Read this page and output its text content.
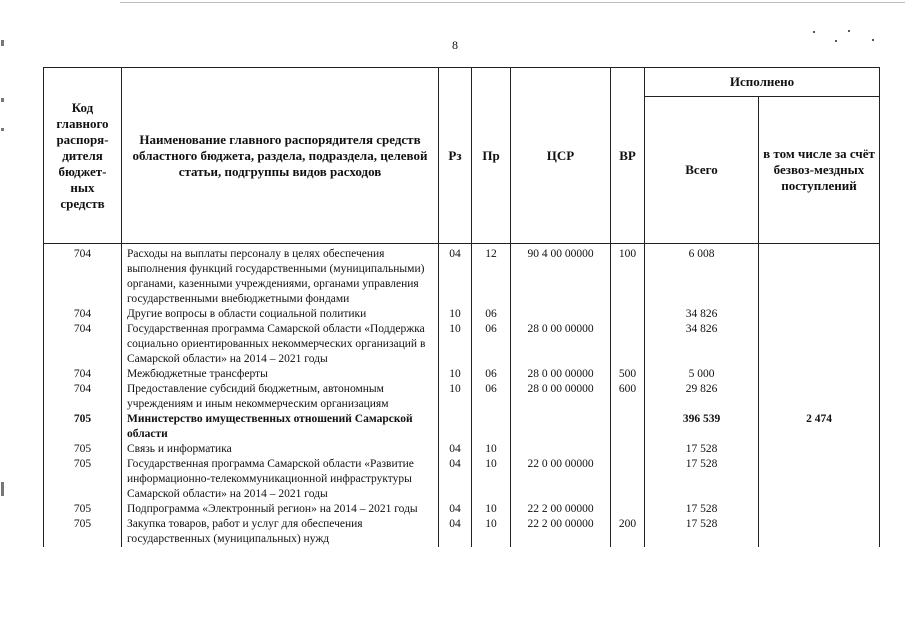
8
Код главного распоря-дителя бюджет-ных средств	Наименование главного распорядителя средств областного бюджета, раздела, подраздела, целевой статьи, подгруппы видов расходов	Рз	Пр	ЦСР	ВР	Исполнено	
						Всего	в том числе за счёт безвоз-мездных поступлений
704	Расходы на выплаты персоналу в целях обеспечения выполнения функций государственными (муниципальными) органами, казенными учреждениями, органами управления государственными внебюджетными фондами	04	12	90 4 00 00000	100	6 008	
704	Другие вопросы в области социальной политики	10	06			34 826	
704	Государственная программа Самарской области «Поддержка социально ориентированных некоммерческих организаций в Самарской области» на 2014 – 2021 годы	10	06	28 0 00 00000		34 826	
704	Межбюджетные трансферты	10	06	28 0 00 00000	500	5 000	
704	Предоставление субсидий бюджетным, автономным учреждениям и иным некоммерческим организациям	10	06	28 0 00 00000	600	29 826	
705	Министерство имущественных отношений Самарской области					396 539	2 474
705	Связь и информатика	04	10			17 528	
705	Государственная программа Самарской области «Развитие информационно-телекоммуникационной инфраструктуры Самарской области» на 2014 – 2021 годы	04	10	22 0 00 00000		17 528	
705	Подпрограмма «Электронный регион» на 2014 – 2021 годы	04	10	22 2 00 00000		17 528	
705	Закупка товаров, работ и услуг для обеспечения государственных (муниципальных) нужд	04	10	22 2 00 00000	200	17 528	
